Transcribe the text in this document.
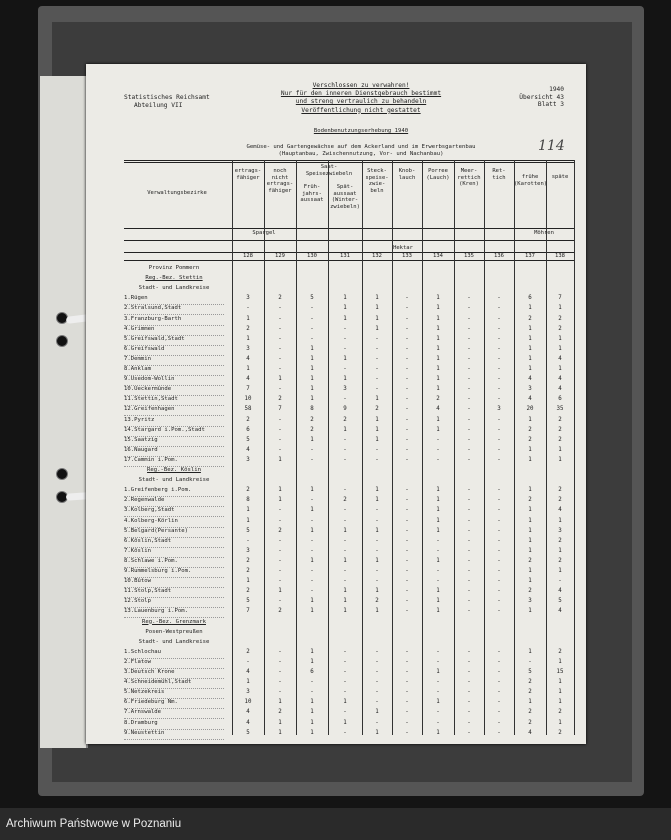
Statistisches Reichsamt
Abteilung VII
Verschlossen zu verwahren!
Nur für den inneren Dienstgebrauch bestimmt
und streng vertraulich zu behandeln
Veröffentlichung nicht gestattet
1940
Übersicht 43
Blatt 3
Bodenbenutzungserhebung 1940
Gemüse- und Gartengewächse auf dem Ackerland und im Erwerbsgartenbau
(Hauptanbau, Zwischennutzung, Vor- und Nachanbau)
114
Verwaltungsbezirke
Spargel
Saat-
Speisezwiebeln
Möhren
ertrags-
fähiger
128
noch
nicht
ertrags-
fähiger
129
Früh-
jahrs-
aussaat
130
Spät-
aussaat
(Winter-
zwiebeln)
131
Steck-
speise-
zwie-
beln
132
Knob-
lauch
133
Porree
(Lauch)
134
Meer-
rettich
(Kren)
135
Ret-
tich
136
frühe
(Karotten)
137
späte
138
Hektar
Provinz Pommern
Reg.-Bez. Stettin
Stadt- und Landkreise
1.Rügen	3	2	5	1	1	-	1	-	-	6	7
2.Stralsund,Stadt	-	-	-	1	1	-	1	-	-	1	1
3.Franzburg-Barth	1	-	-	1	1	-	1	-	-	2	2
4.Grimmen	2	-	-	-	1	-	1	-	-	1	2
5.Greifswald,Stadt	1	-	-	-	-	-	1	-	-	1	1
6.Greifswald	3	-	1	-	-	-	1	-	-	1	1
7.Demmin	4	-	1	1	-	-	1	-	-	1	4
8.Anklam	1	-	1	-	-	-	1	-	-	1	1
9.Usedom-Wollin	4	1	1	1	-	-	1	-	-	4	4
10.Ueckermünde	7	-	1	3	-	-	1	-	-	3	4
11.Stettin,Stadt	10	2	1	-	1	-	2	-	-	4	6
12.Greifenhagen	58	7	8	9	2	-	4	-	3	20	35
13.Pyritz	2	-	2	2	1	-	1	-	-	1	2
14.Stargard i.Pom.,Stadt	6	-	2	1	1	-	1	-	-	2	2
15.Saatzig	5	-	1	-	1	-	-	-	-	2	2
16.Naugard	4	-	-	-	-	-	-	-	-	1	1
17.Cammin i.Pom.	3	1	-	-	-	-	-	-	-	1	1
Reg.-Bez. Köslin
Stadt- und Landkreise
1.Greifenberg i.Pom.	2	1	1	-	1	-	1	-	-	1	2
2.Regenwalde	8	1	-	2	1	-	1	-	-	2	2
3.Kolberg,Stadt	1	-	1	-	-	-	1	-	-	1	4
4.Kolberg-Körlin	1	-	-	-	-	-	1	-	-	1	1
5.Belgard(Persante)	5	2	1	1	1	-	1	-	-	1	3
6.Köslin,Stadt	-	-	-	-	-	-	-	-	-	1	2
7.Köslin	3	-	-	-	-	-	-	-	-	1	1
8.Schlawe i.Pom.	2	-	1	1	1	-	1	-	-	2	2
9.Rummelsburg i.Pom.	2	-	-	-	-	-	-	-	-	1	1
10.Bütow	1	-	-	-	-	-	-	-	-	1	-
11.Stolp,Stadt	2	1	-	1	1	-	1	-	-	2	4
12.Stolp	5	-	1	1	2	-	1	-	-	3	5
13.Lauenburg i.Pom.	7	2	1	1	1	-	1	-	-	1	4
Reg.-Bez. Grenzmark
Posen-Westpreußen
Stadt- und Landkreise
1.Schlochau	2	-	1	-	-	-	-	-	-	1	2
2.Flatow	-	-	1	-	-	-	-	-	-	-	1
3.Deutsch Krone	4	-	6	-	-	-	1	-	-	5	15
4.Schneidemühl,Stadt	1	-	-	-	-	-	-	-	-	2	1
5.Netzekreis	3	-	-	-	-	-	-	-	-	2	1
6.Friedeburg Nm.	10	1	1	1	-	-	1	-	-	1	1
7.Arnswalde	4	2	1	-	1	-	-	-	-	2	2
8.Dramburg	4	1	1	1	-	-	-	-	-	2	1
9.Neustettin	5	1	1	-	1	-	1	-	-	4	2
Archiwum Państwowe w Poznaniu
